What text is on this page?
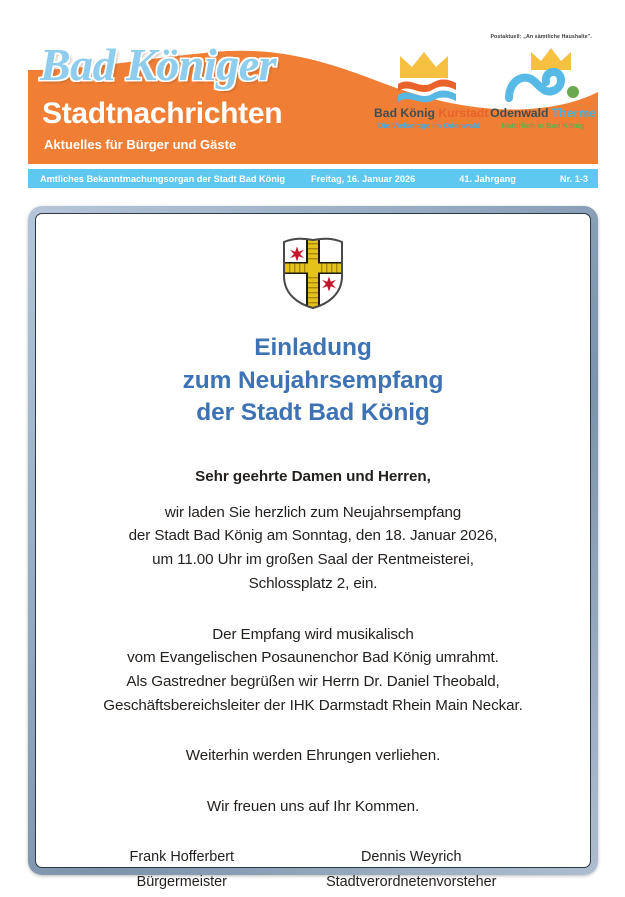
Bad Königer
Stadtnachrichten
Aktuelles für Bürger und Gäste
Postaktuell: „An sämtliche Haushalte".
Bad König Kurstadt
Die Vielseitige im Odenwald
Odenwald Therme
Natürlich in Bad König
Amtliches Bekanntmachungsorgan der Stadt Bad König	Freitag, 16. Januar 2026	41. Jahrgang	Nr. 1-3
Einladung
zum Neujahrsempfang
der Stadt Bad König
Sehr geehrte Damen und Herren,
wir laden Sie herzlich zum Neujahrsempfang
der Stadt Bad König am Sonntag, den 18. Januar 2026,
um 11.00 Uhr im großen Saal der Rentmeisterei,
Schlossplatz 2, ein.
Der Empfang wird musikalisch
vom Evangelischen Posaunenchor Bad König umrahmt.
Als Gastredner begrüßen wir Herrn Dr. Daniel Theobald,
Geschäftsbereichsleiter der IHK Darmstadt Rhein Main Neckar.
Weiterhin werden Ehrungen verliehen.
Wir freuen uns auf Ihr Kommen.
Frank Hofferbert
Bürgermeister
Dennis Weyrich
Stadtverordnetenvorsteher
